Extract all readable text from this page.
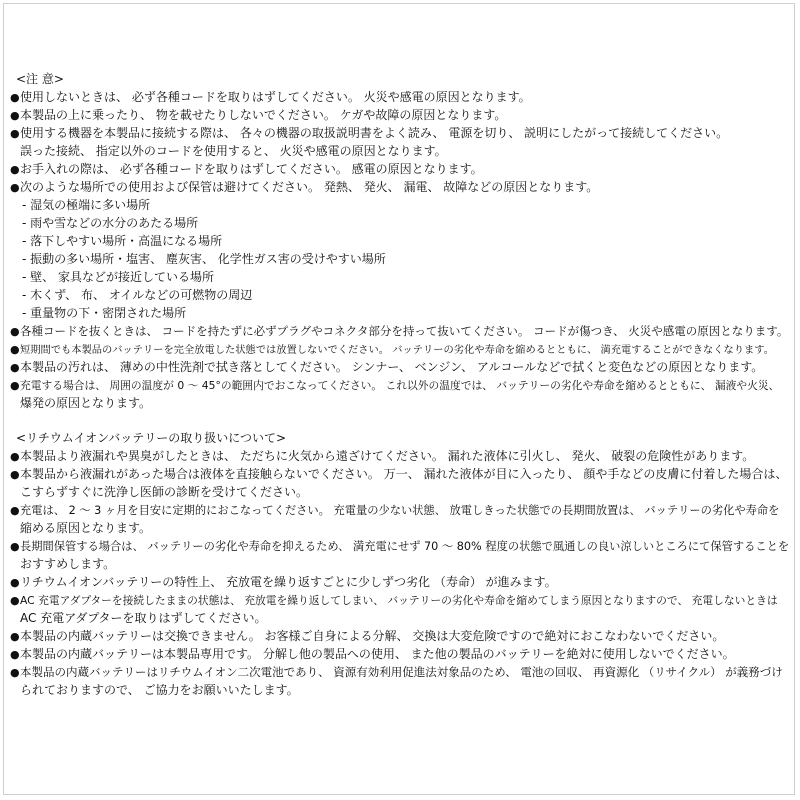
<注 意>
●使用しないときは、 必ず各種コードを取りはずしてください。 火災や感電の原因となります。
●本製品の上に乗ったり、 物を載せたりしないでください。 ケガや故障の原因となります。
●使用する機器を本製品に接続する際は、 各々の機器の取扱説明書をよく読み、 電源を切り、 説明にしたがって接続してください。
誤った接続、 指定以外のコードを使用すると、 火災や感電の原因となります。
●お手入れの際は、 必ず各種コードを取りはずしてください。 感電の原因となります。
●次のような場所での使用および保管は避けてください。 発熱、 発火、 漏電、 故障などの原因となります。
- 湿気の極端に多い場所
- 雨や雪などの水分のあたる場所
- 落下しやすい場所・高温になる場所
- 振動の多い場所・塩害、 塵灰害、 化学性ガス害の受けやすい場所
- 壁、 家具などが接近している場所
- 木くず、 布、 オイルなどの可燃物の周辺
- 重量物の下・密閉された場所
●各種コードを抜くときは、 コードを持たずに必ずプラグやコネクタ部分を持って抜いてください。 コードが傷つき、 火災や感電の原因となります。
●短期間でも本製品のバッテリーを完全放電した状態では放置しないでください。 バッテリーの劣化や寿命を縮めるとともに、 満充電することができなくなります。
●本製品の汚れは、 薄めの中性洗剤で拭き落としてください。 シンナー、 ベンジン、 アルコールなどで拭くと変色などの原因となります。
●充電する場合は、 周囲の温度が 0 ～ 45°の範囲内でおこなってください。 これ以外の温度では、 バッテリーの劣化や寿命を縮めるとともに、 漏液や火災、
爆発の原因となります。
<リチウムイオンバッテリーの取り扱いについて>
●本製品より液漏れや異臭がしたときは、 ただちに火気から遠ざけてください。 漏れた液体に引火し、 発火、 破裂の危険性があります。
●本製品から液漏れがあった場合は液体を直接触らないでください。 万一、 漏れた液体が目に入ったり、 顔や手などの皮膚に付着した場合は、
こすらずすぐに洗浄し医師の診断を受けてください。
●充電は、 2 ～ 3 ヶ月を目安に定期的におこなってください。 充電量の少ない状態、 放電しきった状態での長期間放置は、 バッテリーの劣化や寿命を
縮める原因となります。
●長期間保管する場合は、 バッテリーの劣化や寿命を抑えるため、 満充電にせず 70 ～ 80% 程度の状態で風通しの良い涼しいところにて保管することを
おすすめします。
●リチウムイオンバッテリーの特性上、 充放電を繰り返すごとに少しずつ劣化 （寿命） が進みます。
●AC 充電アダプターを接続したままの状態は、 充放電を繰り返してしまい、 バッテリーの劣化や寿命を縮めてしまう原因となりますので、 充電しないときは
AC 充電アダプターを取りはずしてください。
●本製品の内蔵バッテリーは交換できません。 お客様ご自身による分解、 交換は大変危険ですので絶対におこなわないでください。
●本製品の内蔵バッテリーは本製品専用です。 分解し他の製品への使用、 また他の製品のバッテリーを絶対に使用しないでください。
●本製品の内蔵バッテリーはリチウムイオン二次電池であり、 資源有効利用促進法対象品のため、 電池の回収、 再資源化 （リサイクル） が義務づけ
られておりますので、 ご協力をお願いいたします。
